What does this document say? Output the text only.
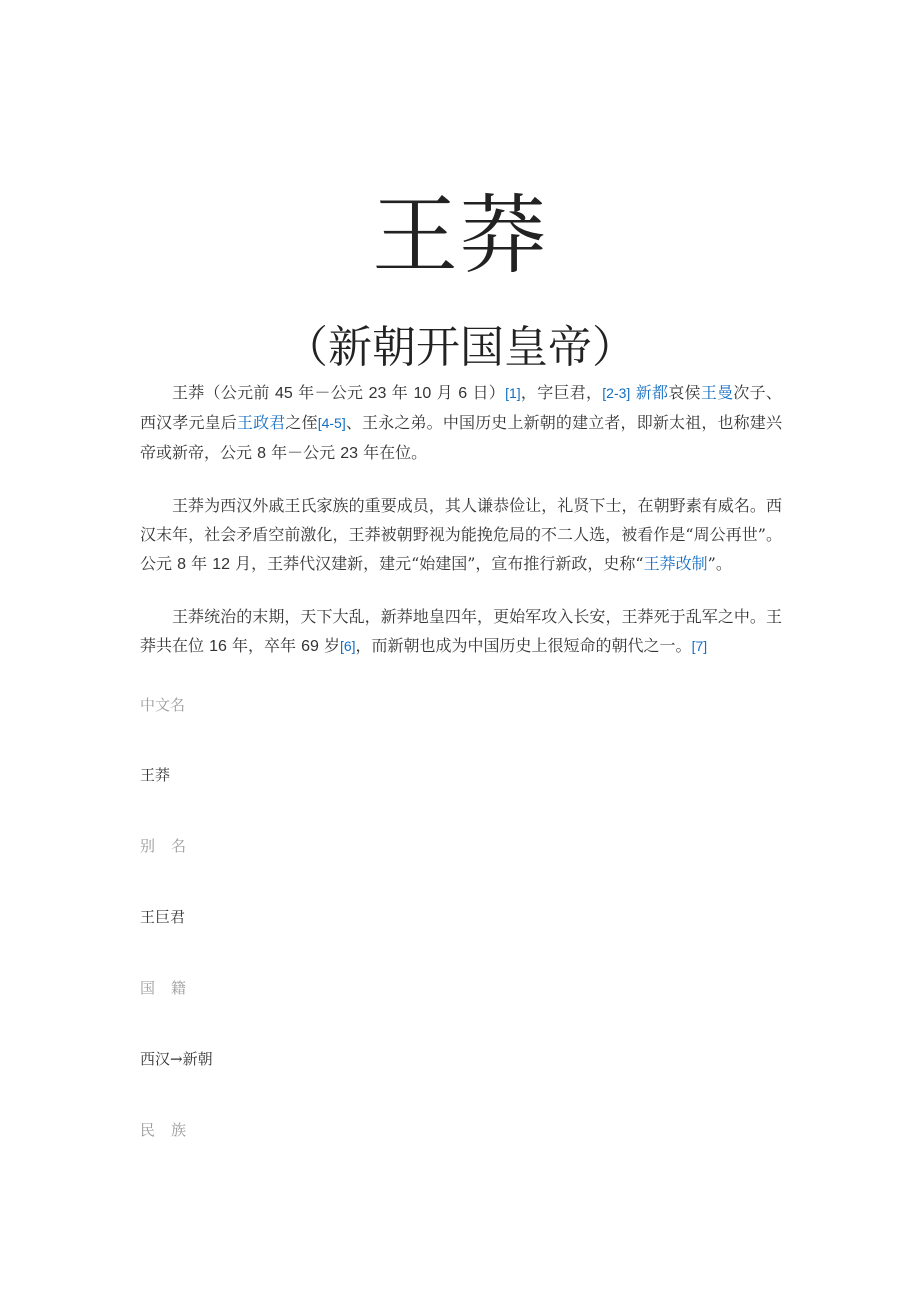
王莽
（新朝开国皇帝）

王莽（公元前 45 年－公元 23 年 10 月 6 日）[1]，字巨君，[2-3] 新都哀侯王曼次子、西汉孝元皇后王政君之侄[4-5]、王永之弟。中国历史上新朝的建立者，即新太祖，也称建兴帝或新帝，公元 8 年－公元 23 年在位。

王莽为西汉外戚王氏家族的重要成员，其人谦恭俭让，礼贤下士，在朝野素有威名。西汉末年，社会矛盾空前激化，王莽被朝野视为能挽危局的不二人选，被看作是“周公再世”。公元 8 年 12 月，王莽代汉建新，建元“始建国”，宣布推行新政，史称“王莽改制”。

王莽统治的末期，天下大乱，新莽地皇四年，更始军攻入长安，王莽死于乱军之中。王莽共在位 16 年，卒年 69 岁[6]，而新朝也成为中国历史上很短命的朝代之一。[7]

中文名
王莽
别名
王巨君
国籍
西汉→新朝
民族
